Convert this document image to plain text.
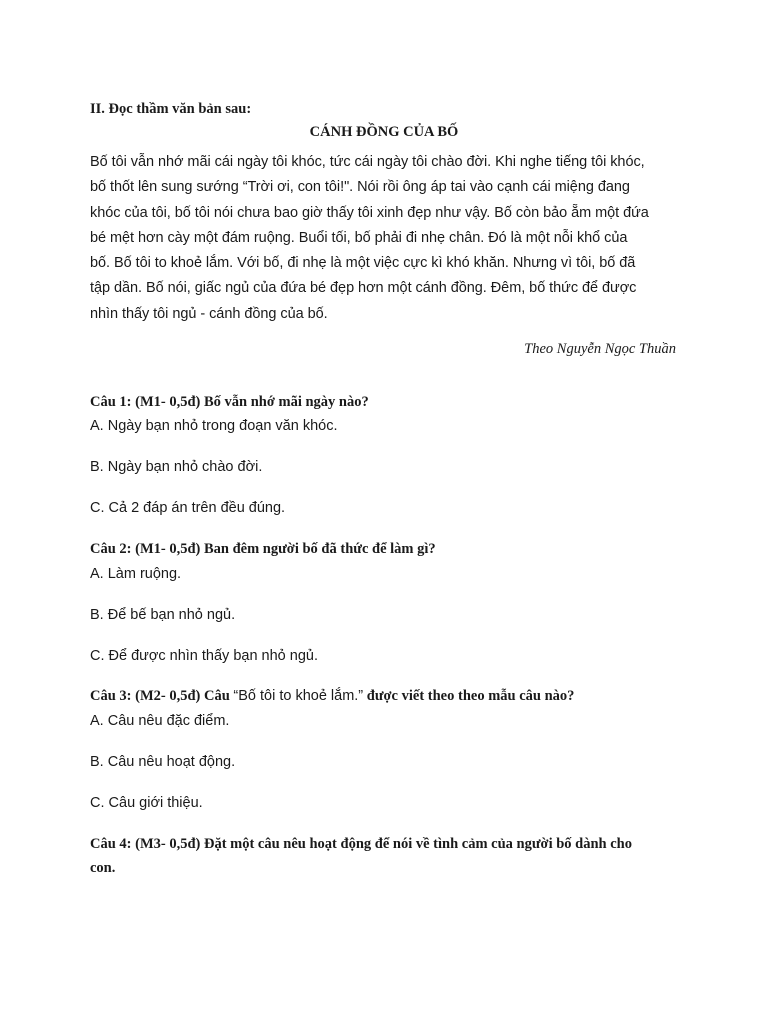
II. Đọc thầm văn bản sau:
CÁNH ĐỒNG CỦA BỐ
Bố tôi vẫn nhớ mãi cái ngày tôi khóc, tức cái ngày tôi chào đời. Khi nghe tiếng tôi khóc,
bố thốt lên sung sướng “Trời ơi, con tôi!". Nói rồi ông áp tai vào cạnh cái miệng đang
khóc của tôi, bố tôi nói chưa bao giờ thấy tôi xinh đẹp như vậy. Bố còn bảo ẵm một đứa
bé mệt hơn cày một đám ruộng. Buổi tối, bố phải đi nhẹ chân. Đó là một nỗi khổ của
bố. Bố tôi to khoẻ lắm. Với bố, đi nhẹ là một việc cực kì khó khăn. Nhưng vì tôi, bố đã
tập dần. Bố nói, giấc ngủ của đứa bé đẹp hơn một cánh đồng. Đêm, bố thức để được
nhìn thấy tôi ngủ - cánh đồng của bố.
Theo Nguyễn Ngọc Thuần
Câu 1: (M1- 0,5đ) Bố vẫn nhớ mãi ngày nào?
A. Ngày bạn nhỏ trong đoạn văn khóc.
B. Ngày bạn nhỏ chào đời.
C. Cả 2 đáp án trên đều đúng.
Câu 2: (M1- 0,5đ) Ban đêm người bố đã thức để làm gì?
A. Làm ruộng.
B. Để bế bạn nhỏ ngủ.
C. Để được nhìn thấy bạn nhỏ ngủ.
Câu 3: (M2- 0,5đ) Câu “Bố tôi to khoẻ lắm.” được viết theo theo mẫu câu nào?
A. Câu nêu đặc điểm.
B. Câu nêu hoạt động.
C. Câu giới thiệu.
Câu 4: (M3- 0,5đ) Đặt một câu nêu hoạt động để nói về tình cảm của người bố dành cho
con.
